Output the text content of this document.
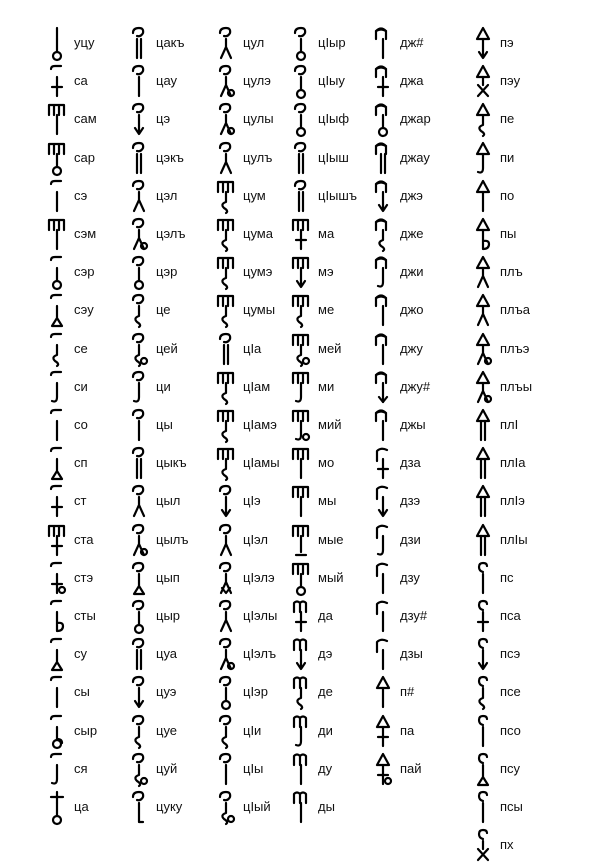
уцу
са
сам
сар
сэ
сэм
сэр
сэу
се
си
со
сп
ст
ста
стэ
сты
су
сы
сыр
ся
ца
цакъ
цау
цэ
цэкъ
цэл
цэлъ
цэр
це
цей
ци
цы
цыкъ
цыл
цылъ
цып
цыр
цуа
цуэ
цуе
цуй
цуку
цул
цулэ
цулы
цулъ
цум
цума
цумэ
цумы
цIа
цIам
цIамэ
цIамы
цIэ
цIэл
цIэлэ
цIэлы
цIэлъ
цIэр
цIи
цIы
цIый
цIыр
цIыу
цIыф
цIыш
цIышъ
ма
мэ
ме
мей
ми
мий
мо
мы
мые
мый
да
дэ
де
ди
ду
ды
дж#
джа
джар
джау
джэ
дже
джи
джо
джу
джу#
джы
дза
дзэ
дзи
дзу
дзу#
дзы
п#
па
пай
пэ
пэу
пе
пи
по
пы
плъ
плъа
плъэ
плъы
плI
плIа
плIэ
плIы
пс
пса
псэ
псе
псо
псу
псы
пх
